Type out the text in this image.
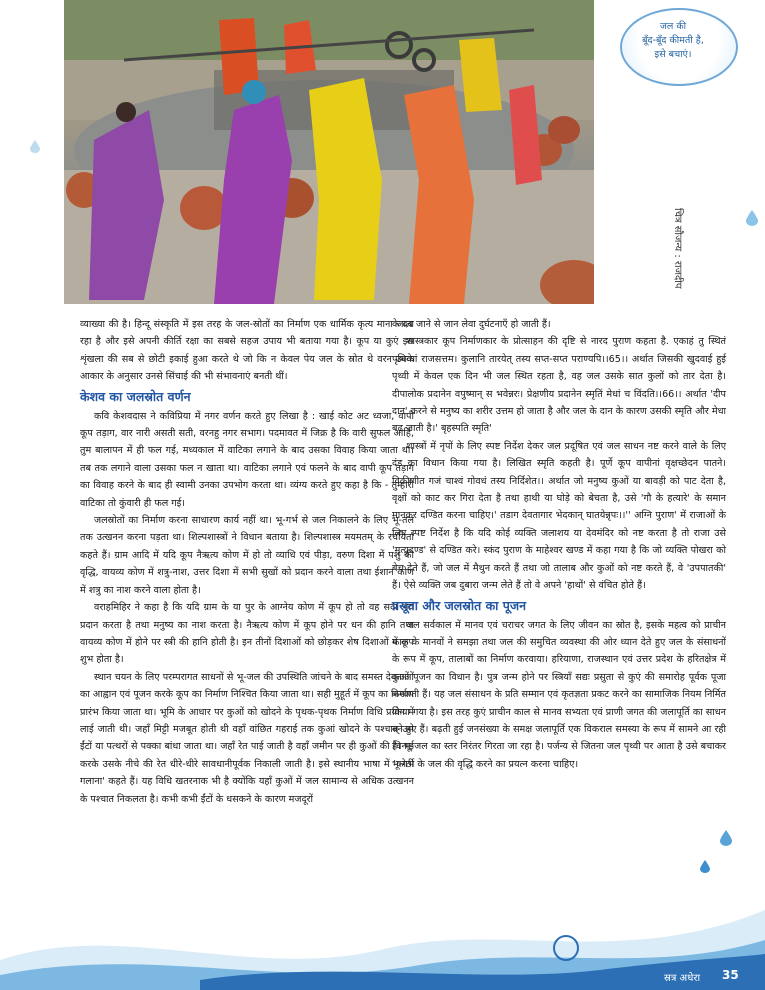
चित्र सौजन्य : राजदीप
जल की
बूँद-बूँद कीमती है,
इसे बचाएं।

व्याख्या की है। हिन्दू संस्कृति में इस तरह के जल-स्रोतों का निर्माण एक धार्मिक कृत्य माना जाता रहा है और इसे अपनी कीर्ति रक्षा का सबसे सहज उपाय भी बताया गया है। कूप या कुएं इस शृंखला की सब से छोटी इकाई हुआ करते थे जो कि न केवल पेय जल के स्रोत थे वरन उनके आकार के अनुसार उनसे सिंचाई की भी संभावनाएं बनती थीं।

केशव का जलस्रोत वर्णन

कवि केशवदास ने कविप्रिया में नगर वर्णन करते हुए लिखा है : खाई कोट अट ध्वजा, वापी कूप तड़ाग, वार नारी असती सती, वरनहु नगर सभाग। पदमावत में जिक्र है कि वारी सुफल आहि, तुम बालापन में ही फल गई, मध्यकाल में वाटिका लगाने के बाद उसका विवाह किया जाता था। तब तक लगाने वाला उसका फल न खाता था। वाटिका लगाने एवं फलने के बाद वापी कूप तड़ाग का विवाह करने के बाद ही स्वामी उनका उपभोग करता था। व्यंग्य करते हुए कहा है कि - तुम्हारी वाटिका तो कुंवारी ही फल गई।

जलस्रोतों का निर्माण करना साधारण कार्य नहीं था। भू-गर्भ से जल निकालने के लिए भू-तल तक उत्खनन करना पड़ता था। शिल्पशास्त्रों ने विधान बताया है। शिल्पशास्त्र मयमतम् के रचयिता कहते हैं। ग्राम आदि में यदि कूप नैऋत्य कोण में हो तो व्याधि एवं पीड़ा, वरुण दिशा में पशु की वृद्धि, वायव्य कोण में शत्रु-नाश, उत्तर दिशा में सभी सुखों को प्रदान करने वाला तथा ईशान कोण में शत्रु का नाश करने वाला होता है।

वराहमिहिर ने कहा है कि यदि ग्राम के या पुर के आग्नेय कोण में कूप हो तो वह सदा भय प्रदान करता है तथा मनुष्य का नाश करता है। नैऋत्य कोण में कूप होने पर धन की हानि तथा वायव्य कोण में होने पर स्त्री की हानि होती है। इन तीनों दिशाओं को छोड़कर शेष दिशाओं में कूप शुभ होता है।

स्थान चयन के लिए परम्परागत साधनों से भू-जल की उपस्थिति जांचने के बाद समस्त देवताओं का आह्वान एवं पूजन करके कूप का निर्माण निश्चित किया जाता था। सही मुहूर्त में कूप का निर्माण प्रारंभ किया जाता था। भूमि के आधार पर कुओं को खोदने के पृथक-पृथक निर्माण विधि प्रयोग में लाई जाती थी। जहाँ मिट्टी मजबूत होती थी वहाँ वांछित गहराई तक कुआं खोदने के पश्चात् उसे ईंटों या पत्थरों से पक्का बांधा जाता था। जहाँ रेत पाई जाती है वहाँ जमीन पर ही कुओं की चिनाई करके उसके नीचे की रेत धीरे-धीरे सावधानीपूर्वक निकाली जाती है। इसे स्थानीय भाषा में 'कोठी गलाना' कहते हैं। यह विधि खतरनाक भी है क्योंकि यहाँ कुओं में जल सामान्य से अधिक उत्खनन के पश्चात निकलता है। कभी कभी ईंटों के धसकने के कारण मजदूरों

के दब जाने से जान लेवा दुर्घटनाएँ हो जाती हैं।

शास्त्रकार कूप निर्माणकार के प्रोत्साहन की दृष्टि से नारद पुराण कहता है. एकाहं तु स्थितं पृथिव्यां राजसत्तम। कुलानि तारयेत् तस्य सप्त-सप्त पराण्यपि।।65।। अर्थात जिसकी खुदवाई हुई पृथ्वी में केवल एक दिन भी जल स्थित रहता है, वह जल उसके सात कुलों को तार देता है। दीपालोक प्रदानेन वपुष्मान् स भवेन्नरः। प्रेक्षणीय प्रदानेन स्मृतिं मेधां च विंदति।।66।। अर्थात 'दीप दान' करने से मनुष्य का शरीर उत्तम हो जाता है और जल के दान के कारण उसकी स्मृति और मेधा बढ़ जाती है।' बृहस्पति स्मृति'

शास्त्रों में नृपों के लिए स्पष्ट निर्देश देकर जल प्रदूषित एवं जल साधन नष्ट करने वाले के लिए दंड का विधान किया गया है। लिखित स्मृति कहती है। पूर्णे कूप वापीनां वृक्षच्छेदन पातने। विक्रीणीत गजं चाश्वं गोवधं तस्य निर्दिशेत।। अर्थात जो मनुष्य कुओं या बावड़ी को पाट देता है, वृक्षों को काट कर गिरा देता है तथा हाथी या घोड़े को बेचता है, उसे 'गौ के हत्यारे' के समान मानकर दण्डित करना चाहिए।' तडाग देवतागार भेदकान् घातयेन्नृपः।।'' अग्नि पुराण' में राजाओं के लिए स्पष्ट निर्देश है कि यदि कोई व्यक्ति जलाशय या देवमंदिर को नष्ट करता है तो राजा उसे 'मृत्युदण्ड' से दण्डित करे। स्कंद पुराण के माहेश्वर खण्ड में कहा गया है कि जो व्यक्ति पोखरा को बेच देते हैं, जो जल में मैथुन करते हैं तथा जो तालाब और कुओं को नष्ट करते हैं, वे 'उपपातकी' हैं। ऐसे व्यक्ति जब दुबारा जन्म लेते हैं तो वे अपने 'हाथों' से वंचित होते हैं।

प्रसूता और जलस्रोत का पूजन

जल सर्वकाल में मानव एवं चराचर जगत के लिए जीवन का स्रोत है, इसके महत्व को प्राचीन काल के मानवों ने समझा तथा जल की समुचित व्यवस्था की ओर ध्यान देते हुए जल के संसाधनों के रूप में कूप, तालाबों का निर्माण करवाया। हरियाणा, राजस्थान एवं उत्तर प्रदेश के हरितक्षेत्र में कुओं पूजन का विधान है। पुत्र जन्म होने पर स्त्रियाँ सद्यः प्रसुता से कुएं की समारोह पूर्वक पूजा करवाती हैं। यह जल संसाधन के प्रति सम्मान एवं कृतज्ञता प्रकट करने का सामाजिक नियम निर्मित किया गया है। इस तरह कुएं प्राचीन काल से मानव सभ्यता एवं प्राणी जगत की जलापूर्ति का साधन बने हुए हैं। बढ़ती हुई जनसंख्या के समक्ष जलापूर्ति एक विकराल समस्या के रूप में सामने आ रही है। भू-जल का स्तर निरंतर गिरता जा रहा है। पर्जन्य से जितना जल पृथ्वी पर आता है उसे बचाकर भू-गर्भ के जल की वृद्धि करने का प्रयत्न करना चाहिए।

स्रत्र अधेरा 35
